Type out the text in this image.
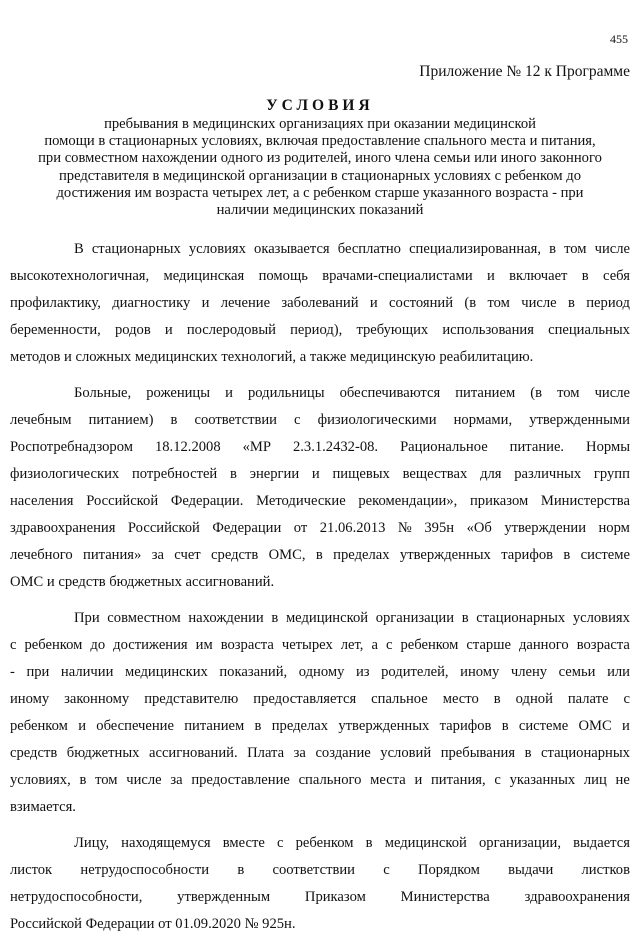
455
Приложение № 12 к Программе
УСЛОВИЯ
пребывания в медицинских организациях при оказании медицинской
помощи в стационарных условиях, включая предоставление спального места и питания,
при совместном нахождении одного из родителей, иного члена семьи или иного законного
представителя в медицинской организации в стационарных условиях с ребенком до
достижения им возраста четырех лет, а с ребенком старше указанного возраста - при
наличии медицинских показаний
В стационарных условиях оказывается бесплатно специализированная, в том числе
высокотехнологичная, медицинская помощь врачами-специалистами и включает в себя
профилактику, диагностику и лечение заболеваний и состояний (в том числе в период
беременности, родов и послеродовый период), требующих использования специальных
методов и сложных медицинских технологий, а также медицинскую реабилитацию.
Больные, роженицы и родильницы обеспечиваются питанием (в том числе
лечебным питанием) в соответствии с физиологическими нормами, утвержденными
Роспотребнадзором 18.12.2008 «МР 2.3.1.2432-08. Рациональное питание. Нормы
физиологических потребностей в энергии и пищевых веществах для различных групп
населения Российской Федерации. Методические рекомендации», приказом Министерства
здравоохранения Российской Федерации от 21.06.2013 № 395н «Об утверждении норм
лечебного питания» за счет средств ОМС, в пределах утвержденных тарифов в системе
ОМС и средств бюджетных ассигнований.
При совместном нахождении в медицинской организации в стационарных условиях
с ребенком до достижения им возраста четырех лет, а с ребенком старше данного возраста
- при наличии медицинских показаний, одному из родителей, иному члену семьи или
иному законному представителю предоставляется спальное место в одной палате с
ребенком и обеспечение питанием в пределах утвержденных тарифов в системе ОМС и
средств бюджетных ассигнований. Плата за создание условий пребывания в стационарных
условиях, в том числе за предоставление спального места и питания, с указанных лиц не
взимается.
Лицу, находящемуся вместе с ребенком в медицинской организации, выдается
листок нетрудоспособности в соответствии с Порядком выдачи листков
нетрудоспособности, утвержденным Приказом Министерства здравоохранения
Российской Федерации от 01.09.2020 № 925н.
